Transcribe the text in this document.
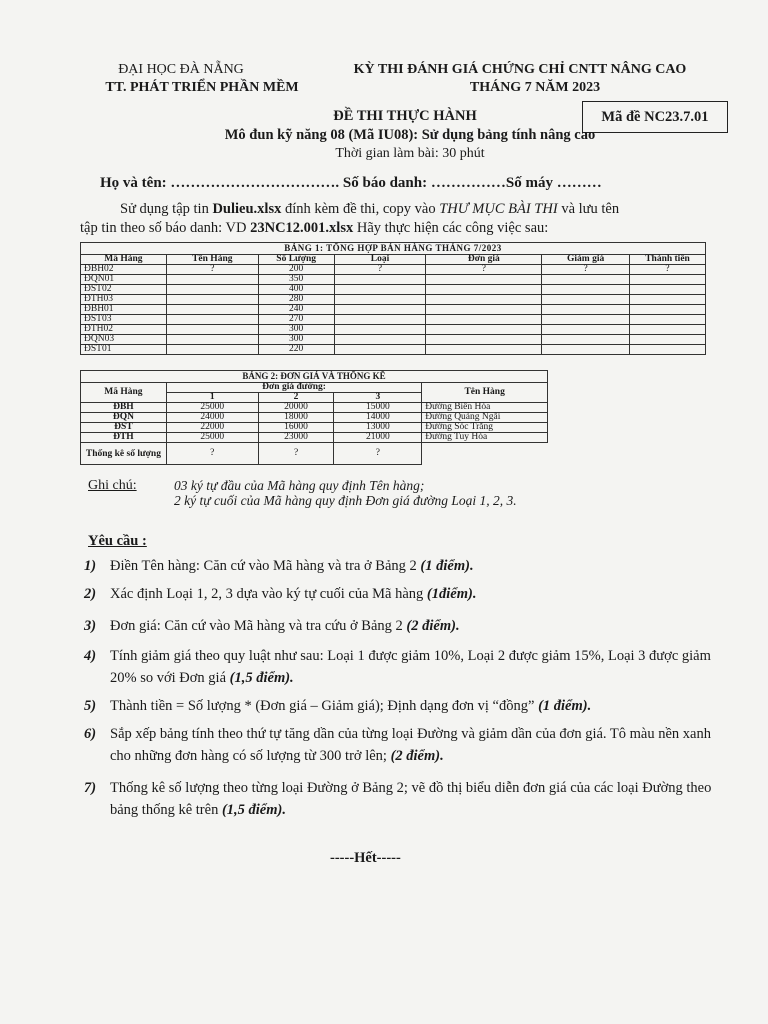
ĐẠI HỌC ĐÀ NẴNG
TT. PHÁT TRIỂN PHẦN MỀM
KỲ THI ĐÁNH GIÁ CHỨNG CHỈ CNTT NÂNG CAO
THÁNG 7 NĂM 2023
Mã đề NC23.7.01
ĐỀ THI THỰC HÀNH
Mô đun kỹ năng 08 (Mã IU08): Sử dụng bảng tính nâng cao
Thời gian làm bài: 30 phút
Họ và tên: ……………………………. Số báo danh: ……………Số máy ………

Sử dụng tập tin Dulieu.xlsx đính kèm đề thi, copy vào THƯ MỤC BÀI THI và lưu tên

tập tin theo số báo danh: VD 23NC12.001.xlsx Hãy thực hiện các công việc sau:

BẢNG 1: TỔNG HỢP BÁN HÀNG THÁNG 7/2023						
Mã Hàng	Tên Hàng	Số Lượng	Loại	Đơn giá	Giảm giá	Thành tiền
ĐBH02	?	200	?	?	?	?
ĐQN01		350				
ĐST02		400				
ĐTH03		280				
ĐBH01		240				
ĐST03		270				
ĐTH02		300				
ĐQN03		300				
ĐST01		220				
BẢNG 2: ĐƠN GIÁ VÀ THỐNG KÊ				
Mã Hàng	Đơn giá đường:			Tên Hàng
	1	2	3	
ĐBH	25000	20000	15000	Đường Biên Hòa
ĐQN	24000	18000	14000	Đường Quảng Ngãi
ĐST	22000	16000	13000	Đường Sóc Trăng
ĐTH	25000	23000	21000	Đường Tuy Hòa
Thống kê số lượng	?	?	?	
Ghi chú:	03 ký tự đầu của Mã hàng quy định Tên hàng;
2 ký tự cuối của Mã hàng quy định Đơn giá đường Loại 1, 2, 3.
Yêu cầu :
1) Điền Tên hàng: Căn cứ vào Mã hàng và tra ở Bảng 2 (1 điểm).
2) Xác định Loại 1, 2, 3 dựa vào ký tự cuối của Mã hàng (1điểm).
3) Đơn giá: Căn cứ vào Mã hàng và tra cứu ở Bảng 2 (2 điểm).
4) Tính giảm giá theo quy luật như sau: Loại 1 được giảm 10%, Loại 2 được giảm 15%, Loại 3 được giảm 20% so với Đơn giá (1,5 điểm).
5) Thành tiền = Số lượng * (Đơn giá – Giảm giá); Định dạng đơn vị “đồng” (1 điểm).
6) Sắp xếp bảng tính theo thứ tự tăng dần của từng loại Đường và giảm dần của đơn giá. Tô màu nền xanh cho những đơn hàng có số lượng từ 300 trở lên; (2 điểm).
7) Thống kê số lượng theo từng loại Đường ở Bảng 2; vẽ đồ thị biểu diễn đơn giá của các loại Đường theo bảng thống kê trên (1,5 điểm).
-----Hết-----
